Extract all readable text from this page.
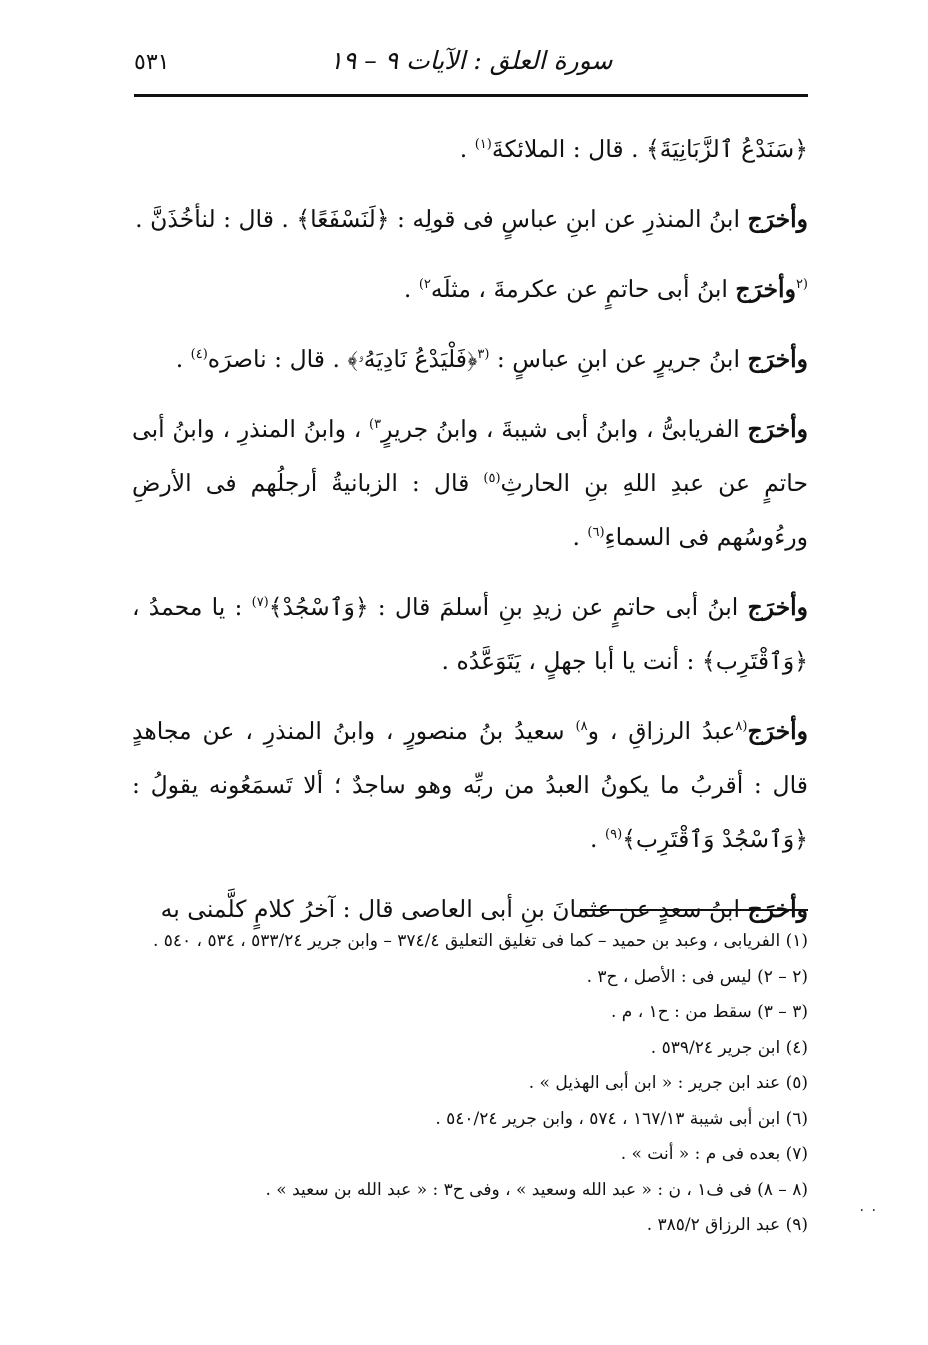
٥٣١	سورة العلق : الآيات ٩ – ١٩

﴿سَنَدْعُ ٱلزَّبَانِيَةَ﴾ . قال : الملائكةَ$^{(١)}$ .

وأخرَج ابنُ المنذرِ عن ابنِ عباسٍ فى قولِه : ﴿لَنَسْفَعًا﴾ . قال : لنأخُذَنَّ .

$^{(٢}$وأخرَج ابنُ أبى حاتمٍ عن عكرمةَ ، مثلَه$^{٢)}$ .

وأخرَج ابنُ جريرٍ عن ابنِ عباسٍ : $^{(٣}$﴿فَلْيَدْعُ نَادِيَهُۥ﴾ . قال : ناصرَه$^{(٤)}$ .

وأخرَج الفريابىُّ ، وابنُ أبى شيبةَ ، وابنُ جريرٍ$^{٣)}$ ، وابنُ المنذرِ ، وابنُ أبى حاتمٍ عن عبدِ اللهِ بنِ الحارثِ$^{(٥)}$ قال : الزبانيةُ أرجلُهم فى الأرضِ ورءُوسُهم فى السماءِ$^{(٦)}$ .

وأخرَج ابنُ أبى حاتمٍ عن زيدِ بنِ أسلمَ قال : ﴿وَٱسْجُدْ﴾$^{(٧)}$ : يا محمدُ ، ﴿وَٱقْتَرِب﴾ : أنت يا أبا جهلٍ ، يَتَوَعَّدُه .

وأخرَج$^{(٨}$عبدُ الرزاقِ ، و$^{٨)}$ سعيدُ بنُ منصورٍ ، وابنُ المنذرِ ، عن مجاهدٍ قال : أقربُ ما يكونُ العبدُ من ربِّه وهو ساجدٌ ؛ ألا تَسمَعُونه يقولُ : ﴿وَٱسْجُدْ وَٱقْتَرِب﴾$^{(٩)}$ .

وأخرَج ابنُ سعدٍ عن عثمانَ بنِ أبى العاصى قال : آخرُ كلامٍ كلَّمنى به

(١) الفريابى ، وعبد بن حميد – كما فى تغليق التعليق ٣٧٤/٤ – وابن جرير ٥٣٣/٢٤ ، ٥٣٤ ، ٥٤٠ .
(٢ – ٢) ليس فى : الأصل ، ح٣ .
(٣ – ٣) سقط من : ح١ ، م .
(٤) ابن جرير ٥٣٩/٢٤ .
(٥) عند ابن جرير : « ابن أبى الهذيل » .
(٦) ابن أبى شيبة ١٦٧/١٣ ، ٥٧٤ ، وابن جرير ٥٤٠/٢٤ .
(٧) بعده فى م : « أنت » .
(٨ – ٨) فى ف١ ، ن : « عبد الله وسعيد » ، وفى ح٣ : « عبد الله بن سعيد » .
(٩) عبد الرزاق ٣٨٥/٢ .
٠ ٠
